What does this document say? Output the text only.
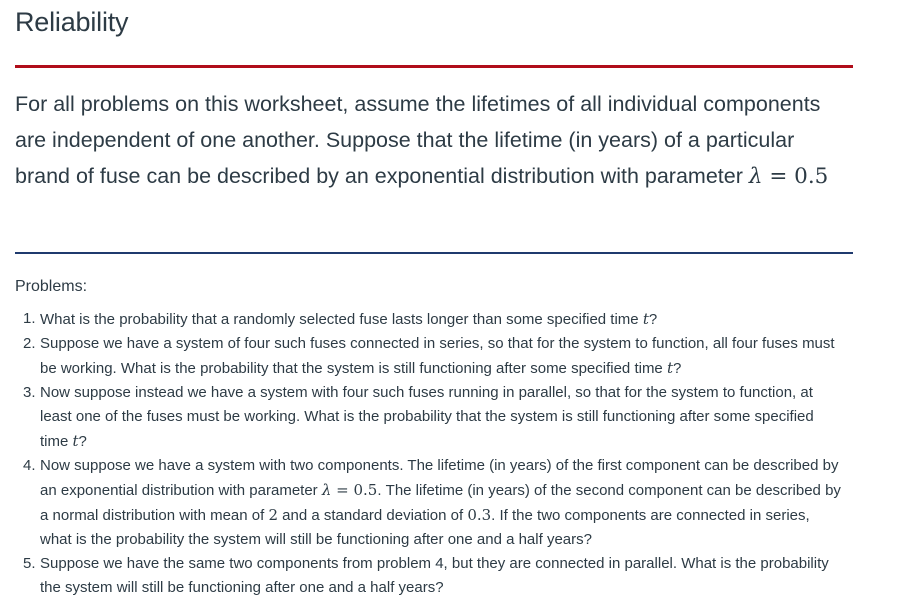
Reliability

For all problems on this worksheet, assume the lifetimes of all individual components are independent of one another. Suppose that the lifetime (in years) of a particular brand of fuse can be described by an exponential distribution with parameter λ = 0.5

Problems:

1. What is the probability that a randomly selected fuse lasts longer than some specified time t?
2. Suppose we have a system of four such fuses connected in series, so that for the system to function, all four fuses must be working. What is the probability that the system is still functioning after some specified time t?
3. Now suppose instead we have a system with four such fuses running in parallel, so that for the system to function, at least one of the fuses must be working. What is the probability that the system is still functioning after some specified time t?
4. Now suppose we have a system with two components. The lifetime (in years) of the first component can be described by an exponential distribution with parameter λ = 0.5. The lifetime (in years) of the second component can be described by a normal distribution with mean of 2 and a standard deviation of 0.3. If the two components are connected in series, what is the probability the system will still be functioning after one and a half years?
5. Suppose we have the same two components from problem 4, but they are connected in parallel. What is the probability the system will still be functioning after one and a half years?
